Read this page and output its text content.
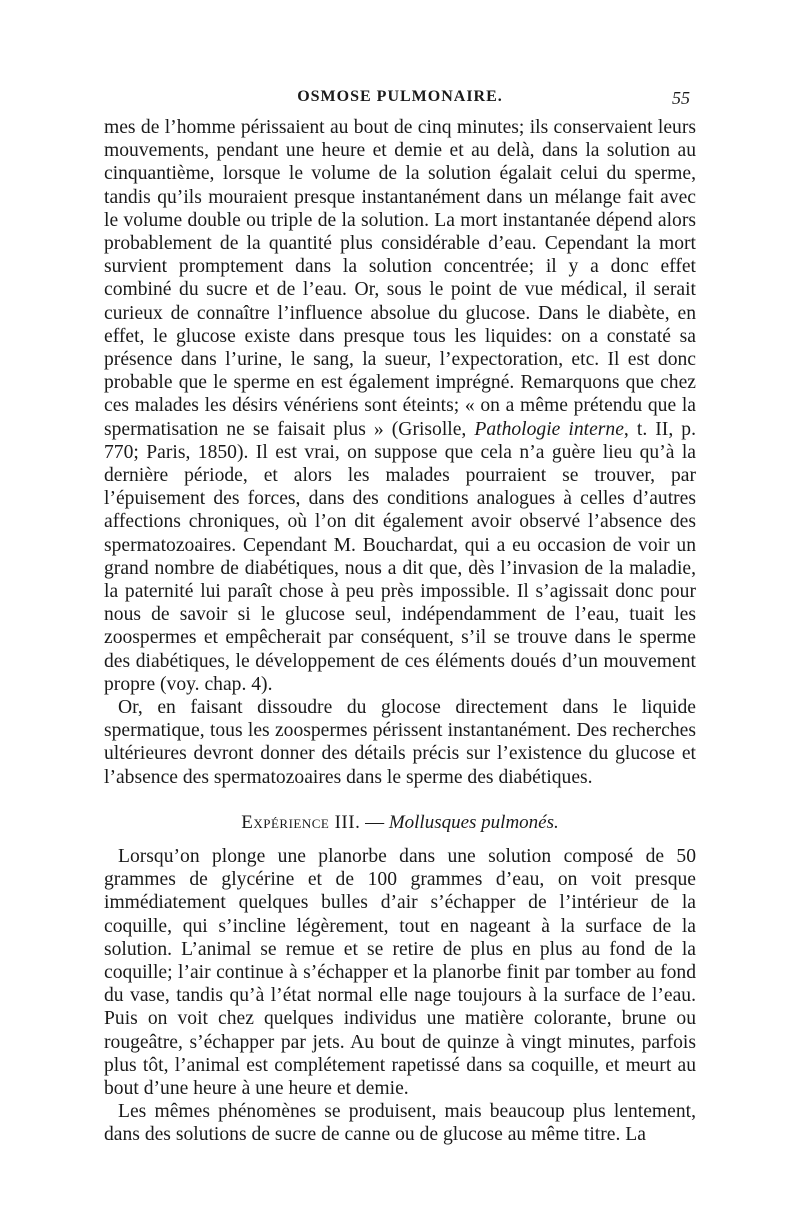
OSMOSE PULMONAIRE.	55

mes de l’homme périssaient au bout de cinq minutes; ils conservaient leurs mouvements, pendant une heure et demie et au delà, dans la solution au cinquantième, lorsque le volume de la solution égalait celui du sperme, tandis qu’ils mouraient presque instantanément dans un mélange fait avec le volume double ou triple de la solution. La mort instantanée dépend alors probablement de la quantité plus considérable d’eau. Cependant la mort survient promptement dans la solution concentrée; il y a donc effet combiné du sucre et de l’eau. Or, sous le point de vue médical, il serait curieux de connaître l’influence absolue du glucose. Dans le diabète, en effet, le glucose existe dans presque tous les liquides: on a constaté sa présence dans l’urine, le sang, la sueur, l’expectoration, etc. Il est donc probable que le sperme en est également imprégné. Remarquons que chez ces malades les désirs vénériens sont éteints; « on a même prétendu que la spermatisation ne se faisait plus » (Grisolle, Pathologie interne, t. II, p. 770; Paris, 1850). Il est vrai, on suppose que cela n’a guère lieu qu’à la dernière période, et alors les malades pourraient se trouver, par l’épuisement des forces, dans des conditions analogues à celles d’autres affections chroniques, où l’on dit également avoir observé l’absence des spermatozoaires. Cependant M. Bouchardat, qui a eu occasion de voir un grand nombre de diabétiques, nous a dit que, dès l’invasion de la maladie, la paternité lui paraît chose à peu près impossible. Il s’agissait donc pour nous de savoir si le glucose seul, indépendamment de l’eau, tuait les zoospermes et empêcherait par conséquent, s’il se trouve dans le sperme des diabétiques, le développement de ces éléments doués d’un mouvement propre (voy. chap. 4).

Or, en faisant dissoudre du glocose directement dans le liquide spermatique, tous les zoospermes périssent instantanément. Des recherches ultérieures devront donner des détails précis sur l’existence du glucose et l’absence des spermatozoaires dans le sperme des diabétiques.

Expérience III. — Mollusques pulmonés.

Lorsqu’on plonge une planorbe dans une solution composé de 50 grammes de glycérine et de 100 grammes d’eau, on voit presque immédiatement quelques bulles d’air s’échapper de l’intérieur de la coquille, qui s’incline légèrement, tout en nageant à la surface de la solution. L’animal se remue et se retire de plus en plus au fond de la coquille; l’air continue à s’échapper et la planorbe finit par tomber au fond du vase, tandis qu’à l’état normal elle nage toujours à la surface de l’eau. Puis on voit chez quelques individus une matière colorante, brune ou rougeâtre, s’échapper par jets. Au bout de quinze à vingt minutes, parfois plus tôt, l’animal est complétement rapetissé dans sa coquille, et meurt au bout d’une heure à une heure et demie.

Les mêmes phénomènes se produisent, mais beaucoup plus lentement, dans des solutions de sucre de canne ou de glucose au même titre. La
